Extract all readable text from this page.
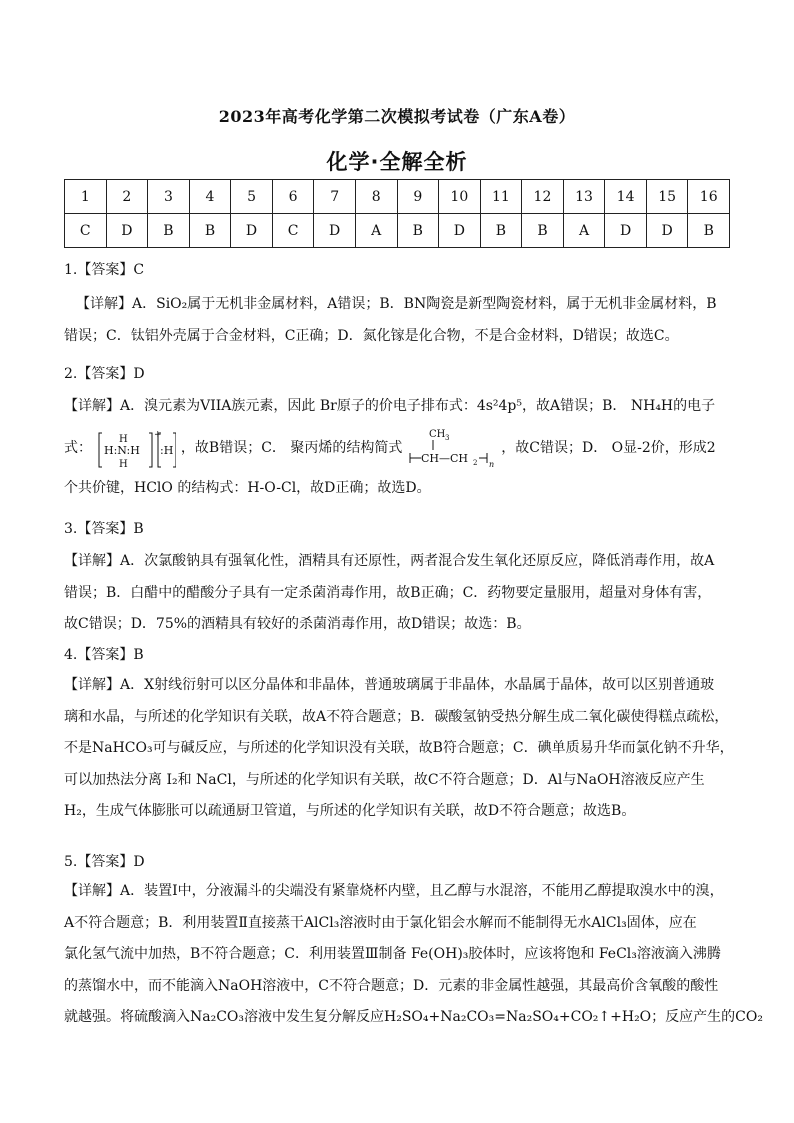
2023年高考化学第二次模拟考试卷（广东A卷）
化学·全解全析
1	2	3	4	5	6	7	8	9	10	11	12	13	14	15	16
C	D	B	B	D	C	D	A	B	D	B	B	A	D	D	B
1.【答案】C
【详解】A．SiO₂属于无机非金属材料，A错误；B．BN陶瓷是新型陶瓷材料，属于无机非金属材料，B
错误；C．钛铝外壳属于合金材料，C正确；D．氮化镓是化合物，不是合金材料，D错误；故选C。
2.【答案】D
【详解】A．溴元素为VIIA族元素，因此 Br原子的价电子排布式：4s²4p⁵，故A错误；B． NH₄H的电子
式：
+
H
H:N:H
H
:H ，故B错误；C． 聚丙烯的结构简式
CH 3
CH—CH 2 n
，故C错误；D． O显-2价，形成2
个共价键，HClO 的结构式：H-O-Cl，故D正确；故选D。
3.【答案】B
【详解】A．次氯酸钠具有强氧化性，酒精具有还原性，两者混合发生氧化还原反应，降低消毒作用，故A
错误；B．白醋中的醋酸分子具有一定杀菌消毒作用，故B正确；C．药物要定量服用，超量对身体有害，
故C错误；D．75%的酒精具有较好的杀菌消毒作用，故D错误；故选：B。
4.【答案】B
【详解】A．X射线衍射可以区分晶体和非晶体，普通玻璃属于非晶体，水晶属于晶体，故可以区别普通玻
璃和水晶，与所述的化学知识有关联，故A不符合题意；B．碳酸氢钠受热分解生成二氧化碳使得糕点疏松，
不是NaHCO₃可与碱反应，与所述的化学知识没有关联，故B符合题意；C．碘单质易升华而氯化钠不升华，
可以加热法分离 I₂和 NaCl，与所述的化学知识有关联，故C不符合题意；D．Al与NaOH溶液反应产生
H₂，生成气体膨胀可以疏通厨卫管道，与所述的化学知识有关联，故D不符合题意；故选B。
5.【答案】D
【详解】A．装置Ⅰ中，分液漏斗的尖端没有紧靠烧杯内壁，且乙醇与水混溶，不能用乙醇提取溴水中的溴，
A不符合题意；B．利用装置Ⅱ直接蒸干AlCl₃溶液时由于氯化铝会水解而不能制得无水AlCl₃固体，应在
氯化氢气流中加热，B不符合题意；C．利用装置Ⅲ制备 Fe(OH)₃胶体时，应该将饱和 FeCl₃溶液滴入沸腾
的蒸馏水中，而不能滴入NaOH溶液中，C不符合题意；D．元素的非金属性越强，其最高价含氧酸的酸性
就越强。将硫酸滴入Na₂CO₃溶液中发生复分解反应H₂SO₄+Na₂CO₃=Na₂SO₄+CO₂↑+H₂O；反应产生的CO₂
